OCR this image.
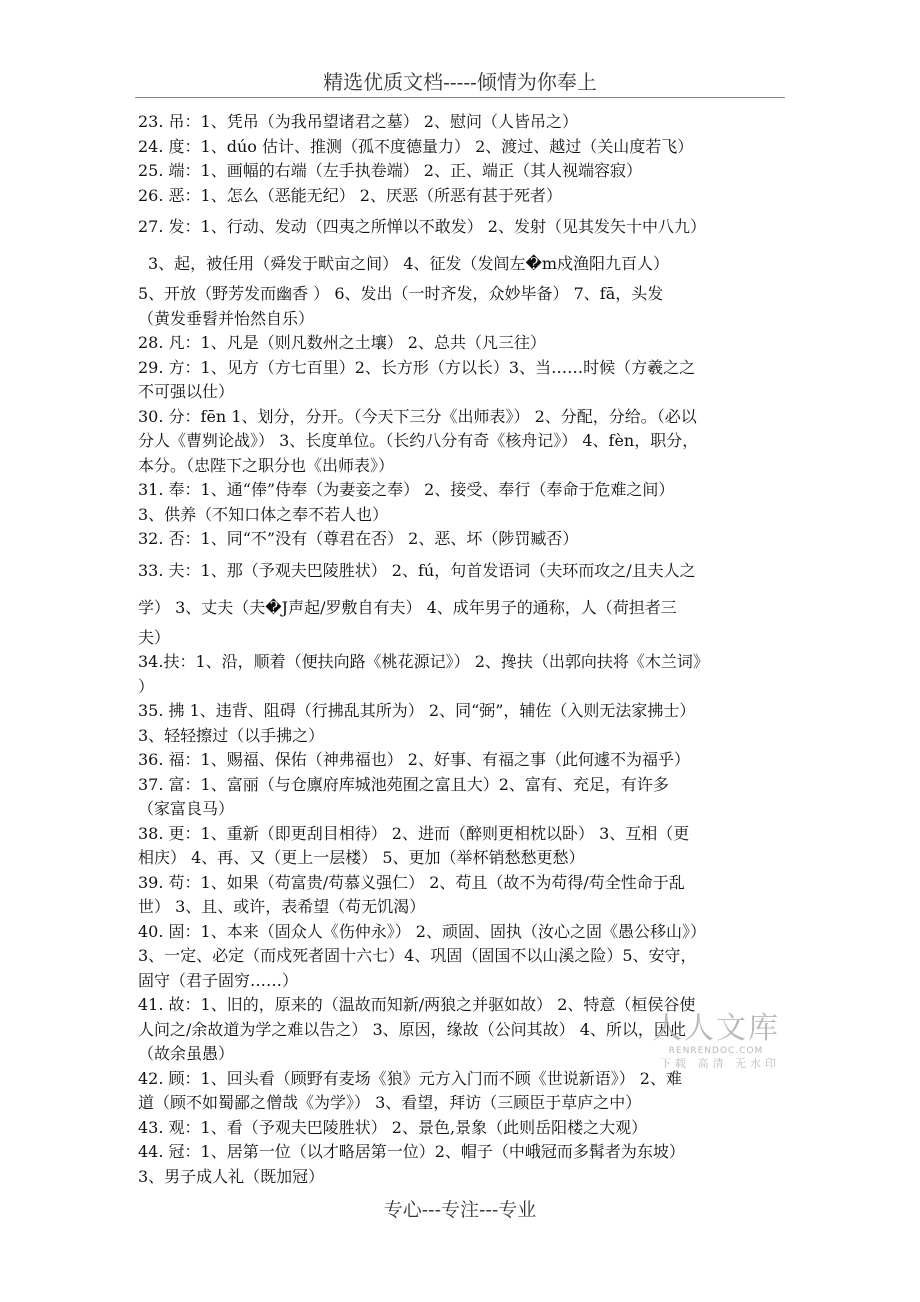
精选优质文档-----倾情为你奉上
23. 吊：1、凭吊（为我吊望诸君之墓） 2、慰问（人皆吊之）
24. 度：1、dúo 估计、推测（孤不度德量力） 2、渡过、越过（关山度若飞）
25. 端：1、画幅的右端（左手执卷端） 2、正、端正（其人视端容寂）
26. 恶：1、怎么（恶能无纪） 2、厌恶（所恶有甚于死者）
27. 发：1、行动、发动（四夷之所惮以不敢发） 2、发射（见其发矢十中八九）
3、起，被任用（舜发于畎亩之间） 4、征发（发闾左�m戍渔阳九百人）
5、开放（野芳发而幽香 ） 6、发出（一时齐发，众妙毕备） 7、fā，头发
（黄发垂髫并怡然自乐）
28. 凡：1、凡是（则凡数州之土壤） 2、总共（凡三往）
29. 方：1、见方（方七百里）2、长方形（方以长）3、当……时候（方羲之之
不可强以仕）
30. 分：fēn 1、划分，分开。（今天下三分《出师表》） 2、分配，分给。（必以
分人《曹刿论战》） 3、长度单位。（长约八分有奇《核舟记》） 4、fèn，职分，
本分。（忠陛下之职分也《出师表》）
31. 奉：1、通“俸”侍奉（为妻妾之奉） 2、接受、奉行（奉命于危难之间）
3、供养（不知口体之奉不若人也）
32. 否：1、同“不”没有（尊君在否） 2、恶、坏（陟罚臧否）
33. 夫：1、那（予观夫巴陵胜状） 2、fú，句首发语词（夫环而攻之/且夫人之
学） 3、丈夫（夫�J声起/罗敷自有夫） 4、成年男子的通称，人（荷担者三
夫）
34.扶：1、沿，顺着（便扶向路《桃花源记》） 2、搀扶（出郭向扶将《木兰词》
）
35. 拂 1、违背、阻碍（行拂乱其所为） 2、同“弼”，辅佐（入则无法家拂士）
3、轻轻擦过（以手拂之）
36. 福：1、赐福、保佑（神弗福也） 2、好事、有福之事（此何遽不为福乎）
37. 富：1、富丽（与仓廪府库城池苑囿之富且大）2、富有、充足，有许多
（家富良马）
38. 更：1、重新（即更刮目相待） 2、进而（醉则更相枕以卧） 3、互相（更
相庆） 4、再、又（更上一层楼） 5、更加（举杯销愁愁更愁）
39. 苟：1、如果（苟富贵/苟慕义强仁） 2、苟且（故不为苟得/苟全性命于乱
世） 3、且、或许，表希望（苟无饥渴）
40. 固：1、本来（固众人《伤仲永》） 2、顽固、固执（汝心之固《愚公移山》）
3、一定、必定（而戍死者固十六七）4、巩固（固国不以山溪之险）5、安守，
固守（君子固穷……）
41. 故：1、旧的，原来的（温故而知新/两狼之并驱如故） 2、特意（桓侯谷使
人问之/余故道为学之难以告之） 3、原因，缘故（公问其故） 4、所以，因此
（故余虽愚）
42. 顾：1、回头看（顾野有麦场《狼》元方入门而不顾《世说新语》） 2、难
道（顾不如蜀鄙之僧哉《为学》） 3、看望，拜访（三顾臣于草庐之中）
43. 观：1、看（予观夫巴陵胜状） 2、景色,景象（此则岳阳楼之大观）
44. 冠：1、居第一位（以才略居第一位）2、帽子（中峨冠而多髯者为东坡）
3、男子成人礼（既加冠）
人人文库
RENRENDOC.COM
下载 高清 无水印
专心---专注---专业
